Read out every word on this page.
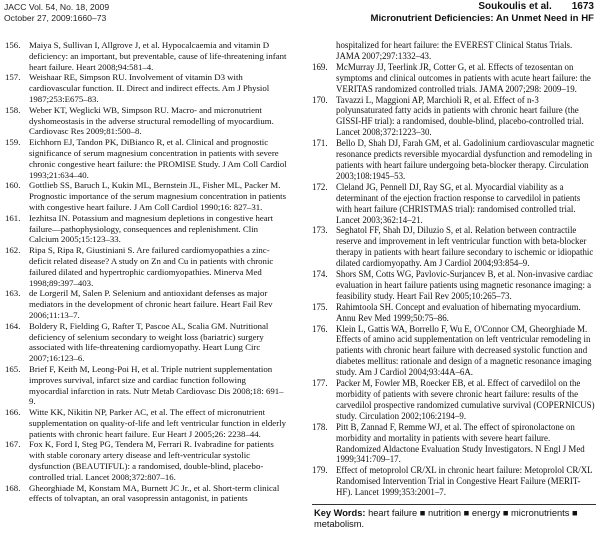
JACC Vol. 54, No. 18, 2009
October 27, 2009:1660–73
Soukoulis et al. 1673
Micronutrient Deficiencies: An Unmet Need in HF
156. Maiya S, Sullivan I, Allgrove J, et al. Hypocalcaemia and vitamin D deficiency: an important, but preventable, cause of life-threatening infant heart failure. Heart 2008;94:581–4.
157. Weishaar RE, Simpson RU. Involvement of vitamin D3 with cardiovascular function. II. Direct and indirect effects. Am J Physiol 1987;253:E675–83.
158. Weber KT, Weglicki WB, Simpson RU. Macro- and micronutrient dyshomeostasis in the adverse structural remodelling of myocardium. Cardiovasc Res 2009;81:500–8.
159. Eichhorn EJ, Tandon PK, DiBianco R, et al. Clinical and prognostic significance of serum magnesium concentration in patients with severe chronic congestive heart failure: the PROMISE Study. J Am Coll Cardiol 1993;21:634–40.
160. Gottlieb SS, Baruch L, Kukin ML, Bernstein JL, Fisher ML, Packer M. Prognostic importance of the serum magnesium concentration in patients with congestive heart failure. J Am Coll Cardiol 1990;16: 827–31.
161. Iezhitsa IN. Potassium and magnesium depletions in congestive heart failure—pathophysiology, consequences and replenishment. Clin Calcium 2005;15:123–33.
162. Ripa S, Ripa R, Giustiniani S. Are failured cardiomyopathies a zinc-deficit related disease? A study on Zn and Cu in patients with chronic failured dilated and hypertrophic cardiomyopathies. Minerva Med 1998;89:397–403.
163. de Lorgeril M, Salen P. Selenium and antioxidant defenses as major mediators in the development of chronic heart failure. Heart Fail Rev 2006;11:13–7.
164. Boldery R, Fielding G, Rafter T, Pascoe AL, Scalia GM. Nutritional deficiency of selenium secondary to weight loss (bariatric) surgery associated with life-threatening cardiomyopathy. Heart Lung Circ 2007;16:123–6.
165. Brief F, Keith M, Leong-Poi H, et al. Triple nutrient supplementation improves survival, infarct size and cardiac function following myocardial infarction in rats. Nutr Metab Cardiovasc Dis 2008;18: 691–9.
166. Witte KK, Nikitin NP, Parker AC, et al. The effect of micronutrient supplementation on quality-of-life and left ventricular function in elderly patients with chronic heart failure. Eur Heart J 2005;26: 2238–44.
167. Fox K, Ford I, Steg PG, Tendera M, Ferrari R. Ivabradine for patients with stable coronary artery disease and left-ventricular systolic dysfunction (BEAUTIFUL): a randomised, double-blind, placebo-controlled trial. Lancet 2008;372:807–16.
168. Gheorghiade M, Konstam MA, Burnett JC Jr., et al. Short-term clinical effects of tolvaptan, an oral vasopressin antagonist, in patients
hospitalized for heart failure: the EVEREST Clinical Status Trials. JAMA 2007;297:1332–43.
169. McMurray JJ, Teerlink JR, Cotter G, et al. Effects of tezosentan on symptoms and clinical outcomes in patients with acute heart failure: the VERITAS randomized controlled trials. JAMA 2007;298: 2009–19.
170. Tavazzi L, Maggioni AP, Marchioli R, et al. Effect of n-3 polyunsaturated fatty acids in patients with chronic heart failure (the GISSI-HF trial): a randomised, double-blind, placebo-controlled trial. Lancet 2008;372:1223–30.
171. Bello D, Shah DJ, Farah GM, et al. Gadolinium cardiovascular magnetic resonance predicts reversible myocardial dysfunction and remodeling in patients with heart failure undergoing beta-blocker therapy. Circulation 2003;108:1945–53.
172. Cleland JG, Pennell DJ, Ray SG, et al. Myocardial viability as a determinant of the ejection fraction response to carvedilol in patients with heart failure (CHRISTMAS trial): randomised controlled trial. Lancet 2003;362:14–21.
173. Seghatol FF, Shah DJ, Diluzio S, et al. Relation between contractile reserve and improvement in left ventricular function with beta-blocker therapy in patients with heart failure secondary to ischemic or idiopathic dilated cardiomyopathy. Am J Cardiol 2004;93:854–9.
174. Shors SM, Cotts WG, Pavlovic-Surjancev B, et al. Non-invasive cardiac evaluation in heart failure patients using magnetic resonance imaging: a feasibility study. Heart Fail Rev 2005;10:265–73.
175. Rahimtoola SH. Concept and evaluation of hibernating myocardium. Annu Rev Med 1999;50:75–86.
176. Klein L, Gattis WA, Borrello F, Wu E, O'Connor CM, Gheorghiade M. Effects of amino acid supplementation on left ventricular remodeling in patients with chronic heart failure with decreased systolic function and diabetes mellitus: rationale and design of a magnetic resonance imaging study. Am J Cardiol 2004;93:44A–6A.
177. Packer M, Fowler MB, Roecker EB, et al. Effect of carvedilol on the morbidity of patients with severe chronic heart failure: results of the carvedilol prospective randomized cumulative survival (COPERNICUS) study. Circulation 2002;106:2194–9.
178. Pitt B, Zannad F, Remme WJ, et al. The effect of spironolactone on morbidity and mortality in patients with severe heart failure. Randomized Aldactone Evaluation Study Investigators. N Engl J Med 1999;341:709–17.
179. Effect of metoprolol CR/XL in chronic heart failure: Metoprolol CR/XL Randomised Intervention Trial in Congestive Heart Failure (MERIT-HF). Lancet 1999;353:2001–7.
Key Words: heart failure ■ nutrition ■ energy ■ micronutrients ■ metabolism.
